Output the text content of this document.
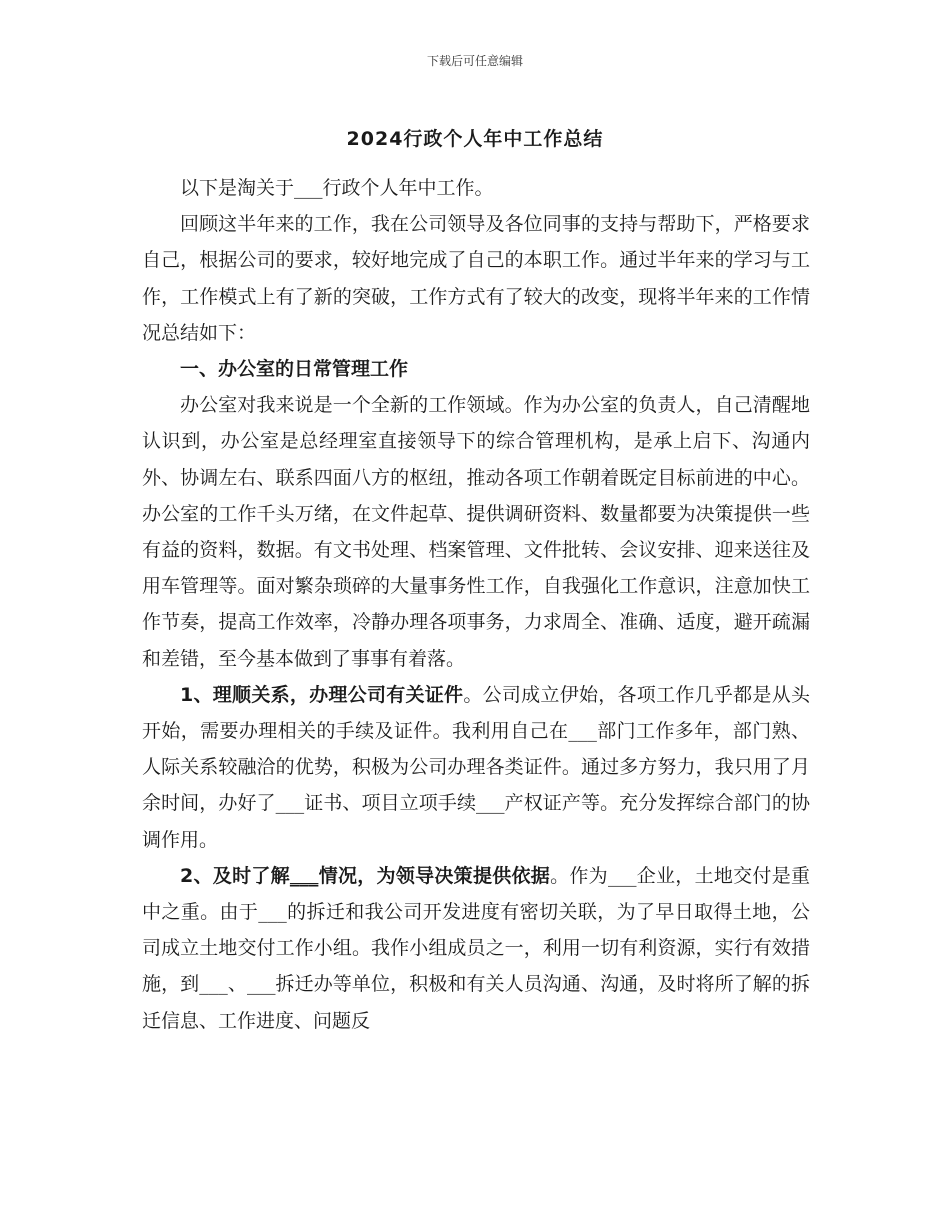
下载后可任意编辑
2024行政个人年中工作总结

以下是淘关于___行政个人年中工作。

回顾这半年来的工作，我在公司领导及各位同事的支持与帮助下，严格要求自己，根据公司的要求，较好地完成了自己的本职工作。通过半年来的学习与工作，工作模式上有了新的突破，工作方式有了较大的改变，现将半年来的工作情况总结如下：

一、办公室的日常管理工作

办公室对我来说是一个全新的工作领域。作为办公室的负责人，自己清醒地认识到，办公室是总经理室直接领导下的综合管理机构，是承上启下、沟通内外、协调左右、联系四面八方的枢纽，推动各项工作朝着既定目标前进的中心。办公室的工作千头万绪，在文件起草、提供调研资料、数量都要为决策提供一些有益的资料，数据。有文书处理、档案管理、文件批转、会议安排、迎来送往及用车管理等。面对繁杂琐碎的大量事务性工作，自我强化工作意识，注意加快工作节奏，提高工作效率，冷静办理各项事务，力求周全、准确、适度，避开疏漏和差错，至今基本做到了事事有着落。

1、理顺关系，办理公司有关证件。公司成立伊始，各项工作几乎都是从头开始，需要办理相关的手续及证件。我利用自己在___部门工作多年，部门熟、人际关系较融洽的优势，积极为公司办理各类证件。通过多方努力，我只用了月余时间，办好了___证书、项目立项手续___产权证产等。充分发挥综合部门的协调作用。

2、及时了解___情况，为领导决策提供依据。作为___企业，土地交付是重中之重。由于___的拆迁和我公司开发进度有密切关联，为了早日取得土地，公司成立土地交付工作小组。我作小组成员之一，利用一切有利资源，实行有效措施，到___、___拆迁办等单位，积极和有关人员沟通、沟通，及时将所了解的拆迁信息、工作进度、问题反
